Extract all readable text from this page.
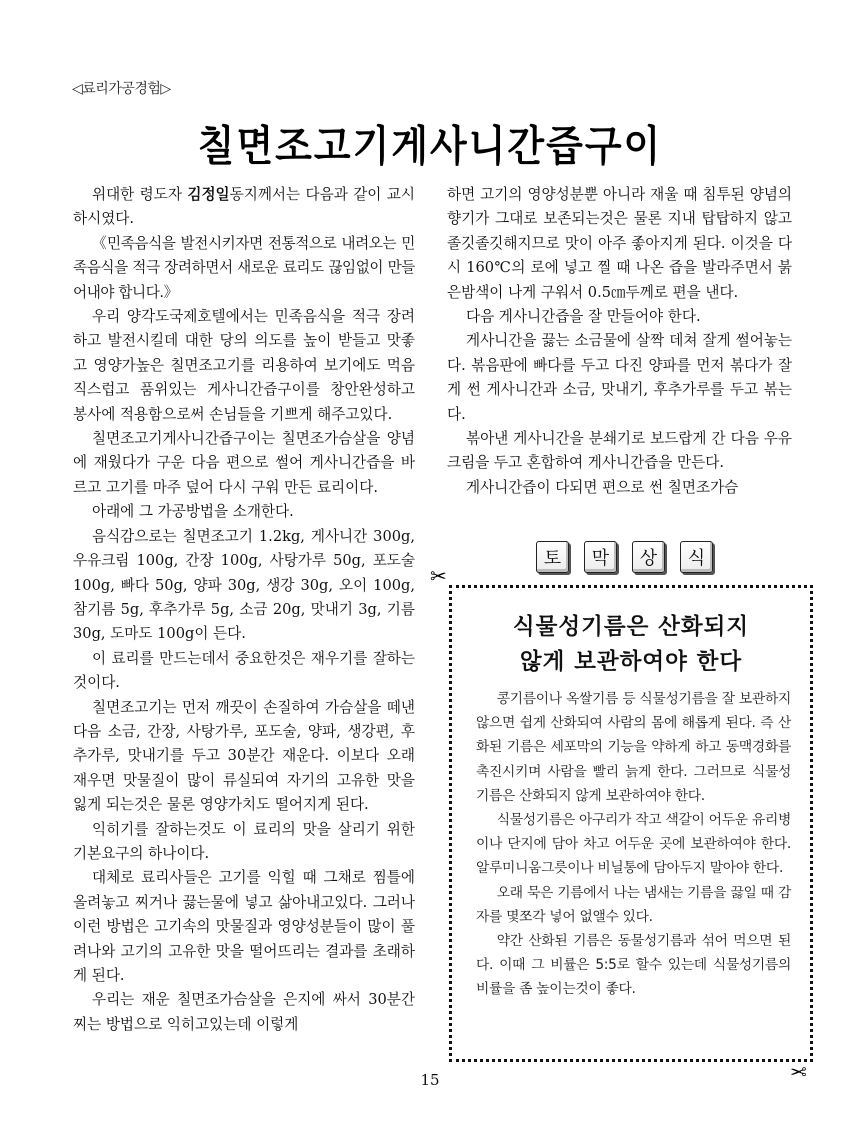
◁료리가공경험▷
칠면조고기게사니간즙구이

위대한 령도자 김정일동지께서는 다음과 같이 교시하시였다.

《민족음식을 발전시키자면 전통적으로 내려오는 민족음식을 적극 장려하면서 새로운 료리도 끊임없이 만들어내야 합니다.》

우리 양각도국제호텔에서는 민족음식을 적극 장려하고 발전시킬데 대한 당의 의도를 높이 받들고 맛좋고 영양가높은 칠면조고기를 리용하여 보기에도 먹음직스럽고 품위있는 게사니간즙구이를 창안완성하고 봉사에 적용함으로써 손님들을 기쁘게 해주고있다.

칠면조고기게사니간즙구이는 칠면조가슴살을 양념에 재웠다가 구운 다음 편으로 썰어 게사니간즙을 바르고 고기를 마주 덮어 다시 구워 만든 료리이다.

아래에 그 가공방법을 소개한다.

음식감으로는 칠면조고기 1.2kg, 게사니간 300g, 우유크림 100g, 간장 100g, 사탕가루 50g, 포도술 100g, 빠다 50g, 양파 30g, 생강 30g, 오이 100g, 참기름 5g, 후추가루 5g, 소금 20g, 맛내기 3g, 기름 30g, 도마도 100g이 든다.

이 료리를 만드는데서 중요한것은 재우기를 잘하는것이다.

칠면조고기는 먼저 깨끗이 손질하여 가슴살을 떼낸 다음 소금, 간장, 사탕가루, 포도술, 양파, 생강편, 후추가루, 맛내기를 두고 30분간 재운다. 이보다 오래 재우면 맛물질이 많이 류실되여 자기의 고유한 맛을 잃게 되는것은 물론 영양가치도 떨어지게 된다.

익히기를 잘하는것도 이 료리의 맛을 살리기 위한 기본요구의 하나이다.

대체로 료리사들은 고기를 익힐 때 그채로 찜틀에 올려놓고 찌거나 끓는물에 넣고 삶아내고있다. 그러나 이런 방법은 고기속의 맛물질과 영양성분들이 많이 풀려나와 고기의 고유한 맛을 떨어뜨리는 결과를 초래하게 된다.

우리는 재운 칠면조가슴살을 은지에 싸서 30분간 찌는 방법으로 익히고있는데 이렇게

하면 고기의 영양성분뿐 아니라 재울 때 침투된 양념의 향기가 그대로 보존되는것은 물론 지내 탑탑하지 않고 졸깃졸깃해지므로 맛이 아주 좋아지게 된다. 이것을 다시 160℃의 로에 넣고 찔 때 나온 즙을 발라주면서 붉은밤색이 나게 구워서 0.5㎝두께로 편을 낸다.

다음 게사니간즙을 잘 만들어야 한다.

게사니간을 끓는 소금물에 살짝 데쳐 잘게 썰어놓는다. 볶음판에 빠다를 두고 다진 양파를 먼저 볶다가 잘게 썬 게사니간과 소금, 맛내기, 후추가루를 두고 볶는다.

볶아낸 게사니간을 분쇄기로 보드랍게 간 다음 우유크림을 두고 혼합하여 게사니간즙을 만든다.

게사니간즙이 다되면 편으로 썬 칠면조가슴

토	막	상	식
✂
✂
식물성기름은 산화되지
않게 보관하여야 한다

콩기름이나 옥쌀기름 등 식물성기름을 잘 보관하지 않으면 쉽게 산화되여 사람의 몸에 해롭게 된다. 즉 산화된 기름은 세포막의 기능을 약하게 하고 동맥경화를 촉진시키며 사람을 빨리 늙게 한다. 그러므로 식물성기름은 산화되지 않게 보관하여야 한다.

식물성기름은 아구리가 작고 색갈이 어두운 유리병이나 단지에 담아 차고 어두운 곳에 보관하여야 한다. 알루미니움그릇이나 비닐통에 담아두지 말아야 한다.

오래 묵은 기름에서 나는 냄새는 기름을 끓일 때 감자를 몇쪼각 넣어 없앨수 있다.

약간 산화된 기름은 동물성기름과 섞어 먹으면 된다. 이때 그 비률은 5:5로 할수 있는데 식물성기름의 비률을 좀 높이는것이 좋다.

15
